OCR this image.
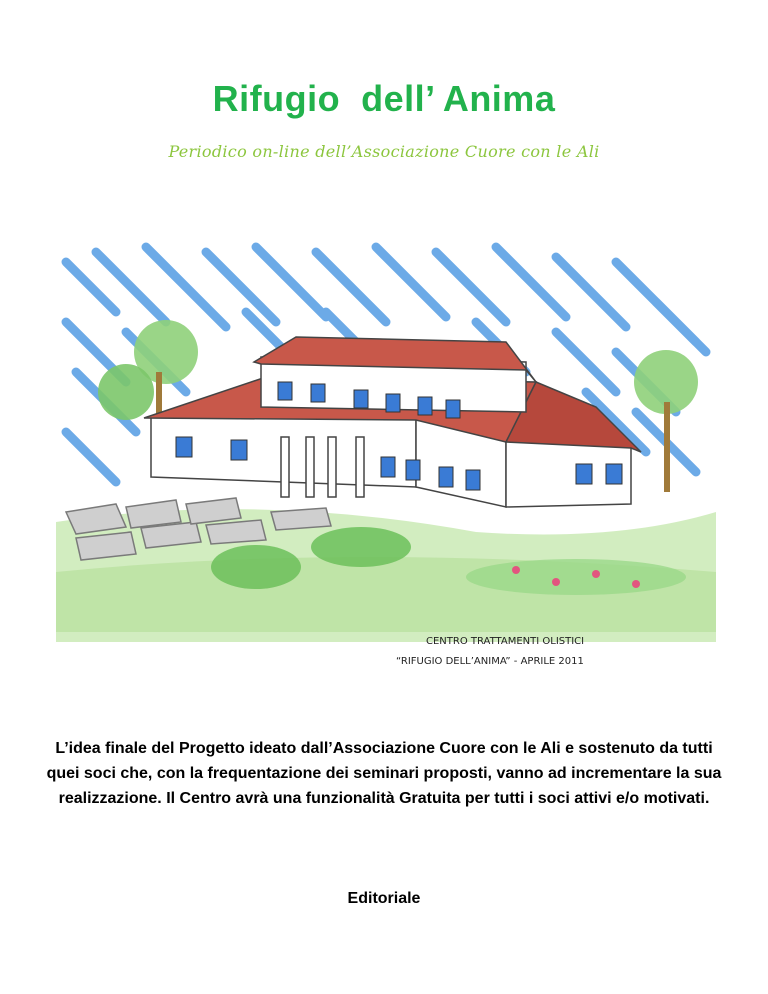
Rifugio  dell’ Anima
Periodico on-line dell’Associazione Cuore con le Ali
CENTRO TRATTAMENTI OLISTICI
“RIFUGIO DELL’ANIMA” - APRILE 2011
L’idea finale del Progetto ideato dall’Associazione Cuore con le Ali e sostenuto da tutti quei soci che, con la frequentazione dei seminari proposti, vanno ad incrementare la sua realizzazione. Il Centro avrà una funzionalità Gratuita per tutti i soci attivi e/o motivati.
Editoriale
